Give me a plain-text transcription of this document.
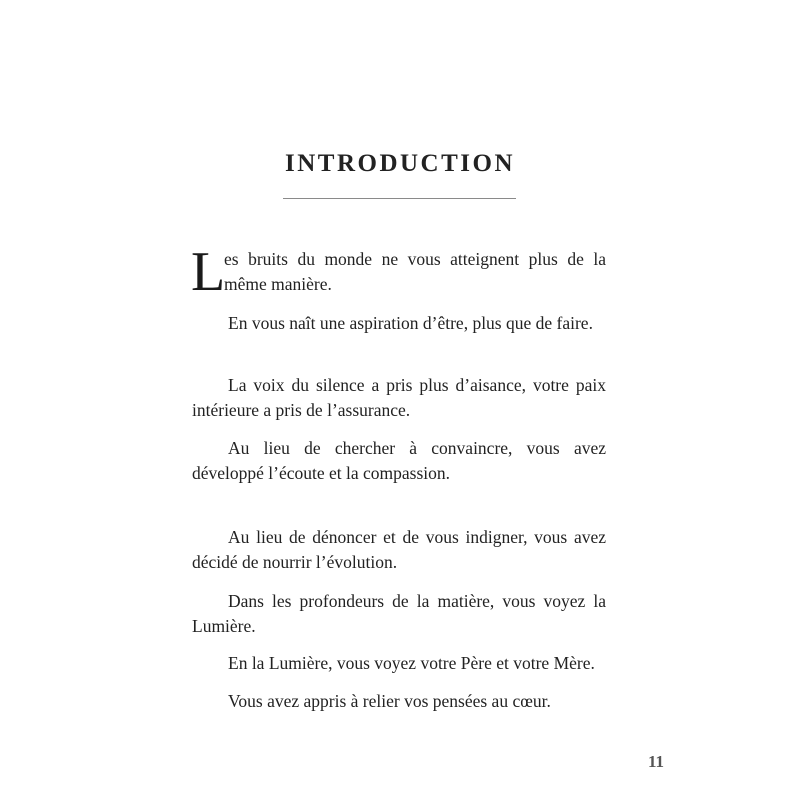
INTRODUCTION
L

es bruits du monde ne vous atteignent plus de la

même manière.

En vous naît une aspiration d’être, plus que de faire.

La voix du silence a pris plus d’aisance, votre paix intérieure a pris de l’assurance.

Au lieu de chercher à convaincre, vous avez développé l’écoute et la compassion.

Au lieu de dénoncer et de vous indigner, vous avez décidé de nourrir l’évolution.

Dans les profondeurs de la matière, vous voyez la Lumière.

En la Lumière, vous voyez votre Père et votre Mère.

Vous avez appris à relier vos pensées au cœur.

11
